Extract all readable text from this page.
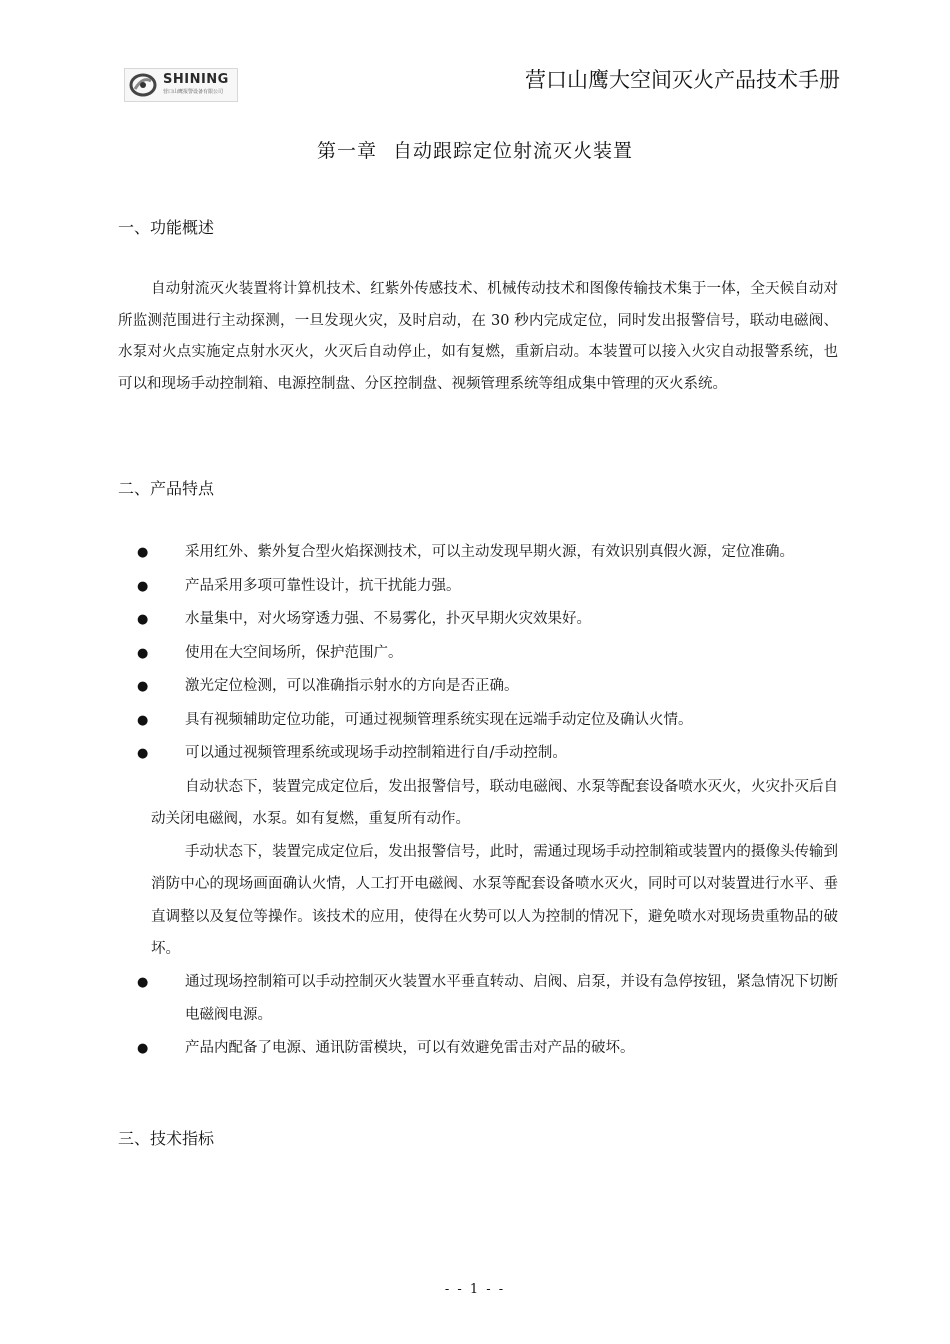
SHINING
营口山鹰报警设备有限公司	营口山鹰大空间灭火产品技术手册
第一章 自动跟踪定位射流灭火装置
一、功能概述

自动射流灭火装置将计算机技术、红紫外传感技术、机械传动技术和图像传输技术集于一体，全天候自动对所监测范围进行主动探测，一旦发现火灾，及时启动，在 30 秒内完成定位，同时发出报警信号，联动电磁阀、水泵对火点实施定点射水灭火，火灭后自动停止，如有复燃，重新启动。本装置可以接入火灾自动报警系统，也可以和现场手动控制箱、电源控制盘、分区控制盘、视频管理系统等组成集中管理的灭火系统。

二、产品特点
● 采用红外、紫外复合型火焰探测技术，可以主动发现早期火源，有效识别真假火源，定位准确。
● 产品采用多项可靠性设计，抗干扰能力强。
● 水量集中，对火场穿透力强、不易雾化，扑灭早期火灾效果好。
● 使用在大空间场所，保护范围广。
● 激光定位检测，可以准确指示射水的方向是否正确。
● 具有视频辅助定位功能，可通过视频管理系统实现在远端手动定位及确认火情。
● 可以通过视频管理系统或现场手动控制箱进行自/手动控制。
自动状态下，装置完成定位后，发出报警信号，联动电磁阀、水泵等配套设备喷水灭火，火灾扑灭后自动关闭电磁阀，水泵。如有复燃，重复所有动作。
手动状态下，装置完成定位后，发出报警信号，此时，需通过现场手动控制箱或装置内的摄像头传输到消防中心的现场画面确认火情，人工打开电磁阀、水泵等配套设备喷水灭火，同时可以对装置进行水平、垂直调整以及复位等操作。该技术的应用，使得在火势可以人为控制的情况下，避免喷水对现场贵重物品的破坏。
● 通过现场控制箱可以手动控制灭火装置水平垂直转动、启阀、启泵，并设有急停按钮，紧急情况下切断电磁阀电源。
● 产品内配备了电源、通讯防雷模块，可以有效避免雷击对产品的破坏。
三、技术指标
- - 1 - -
